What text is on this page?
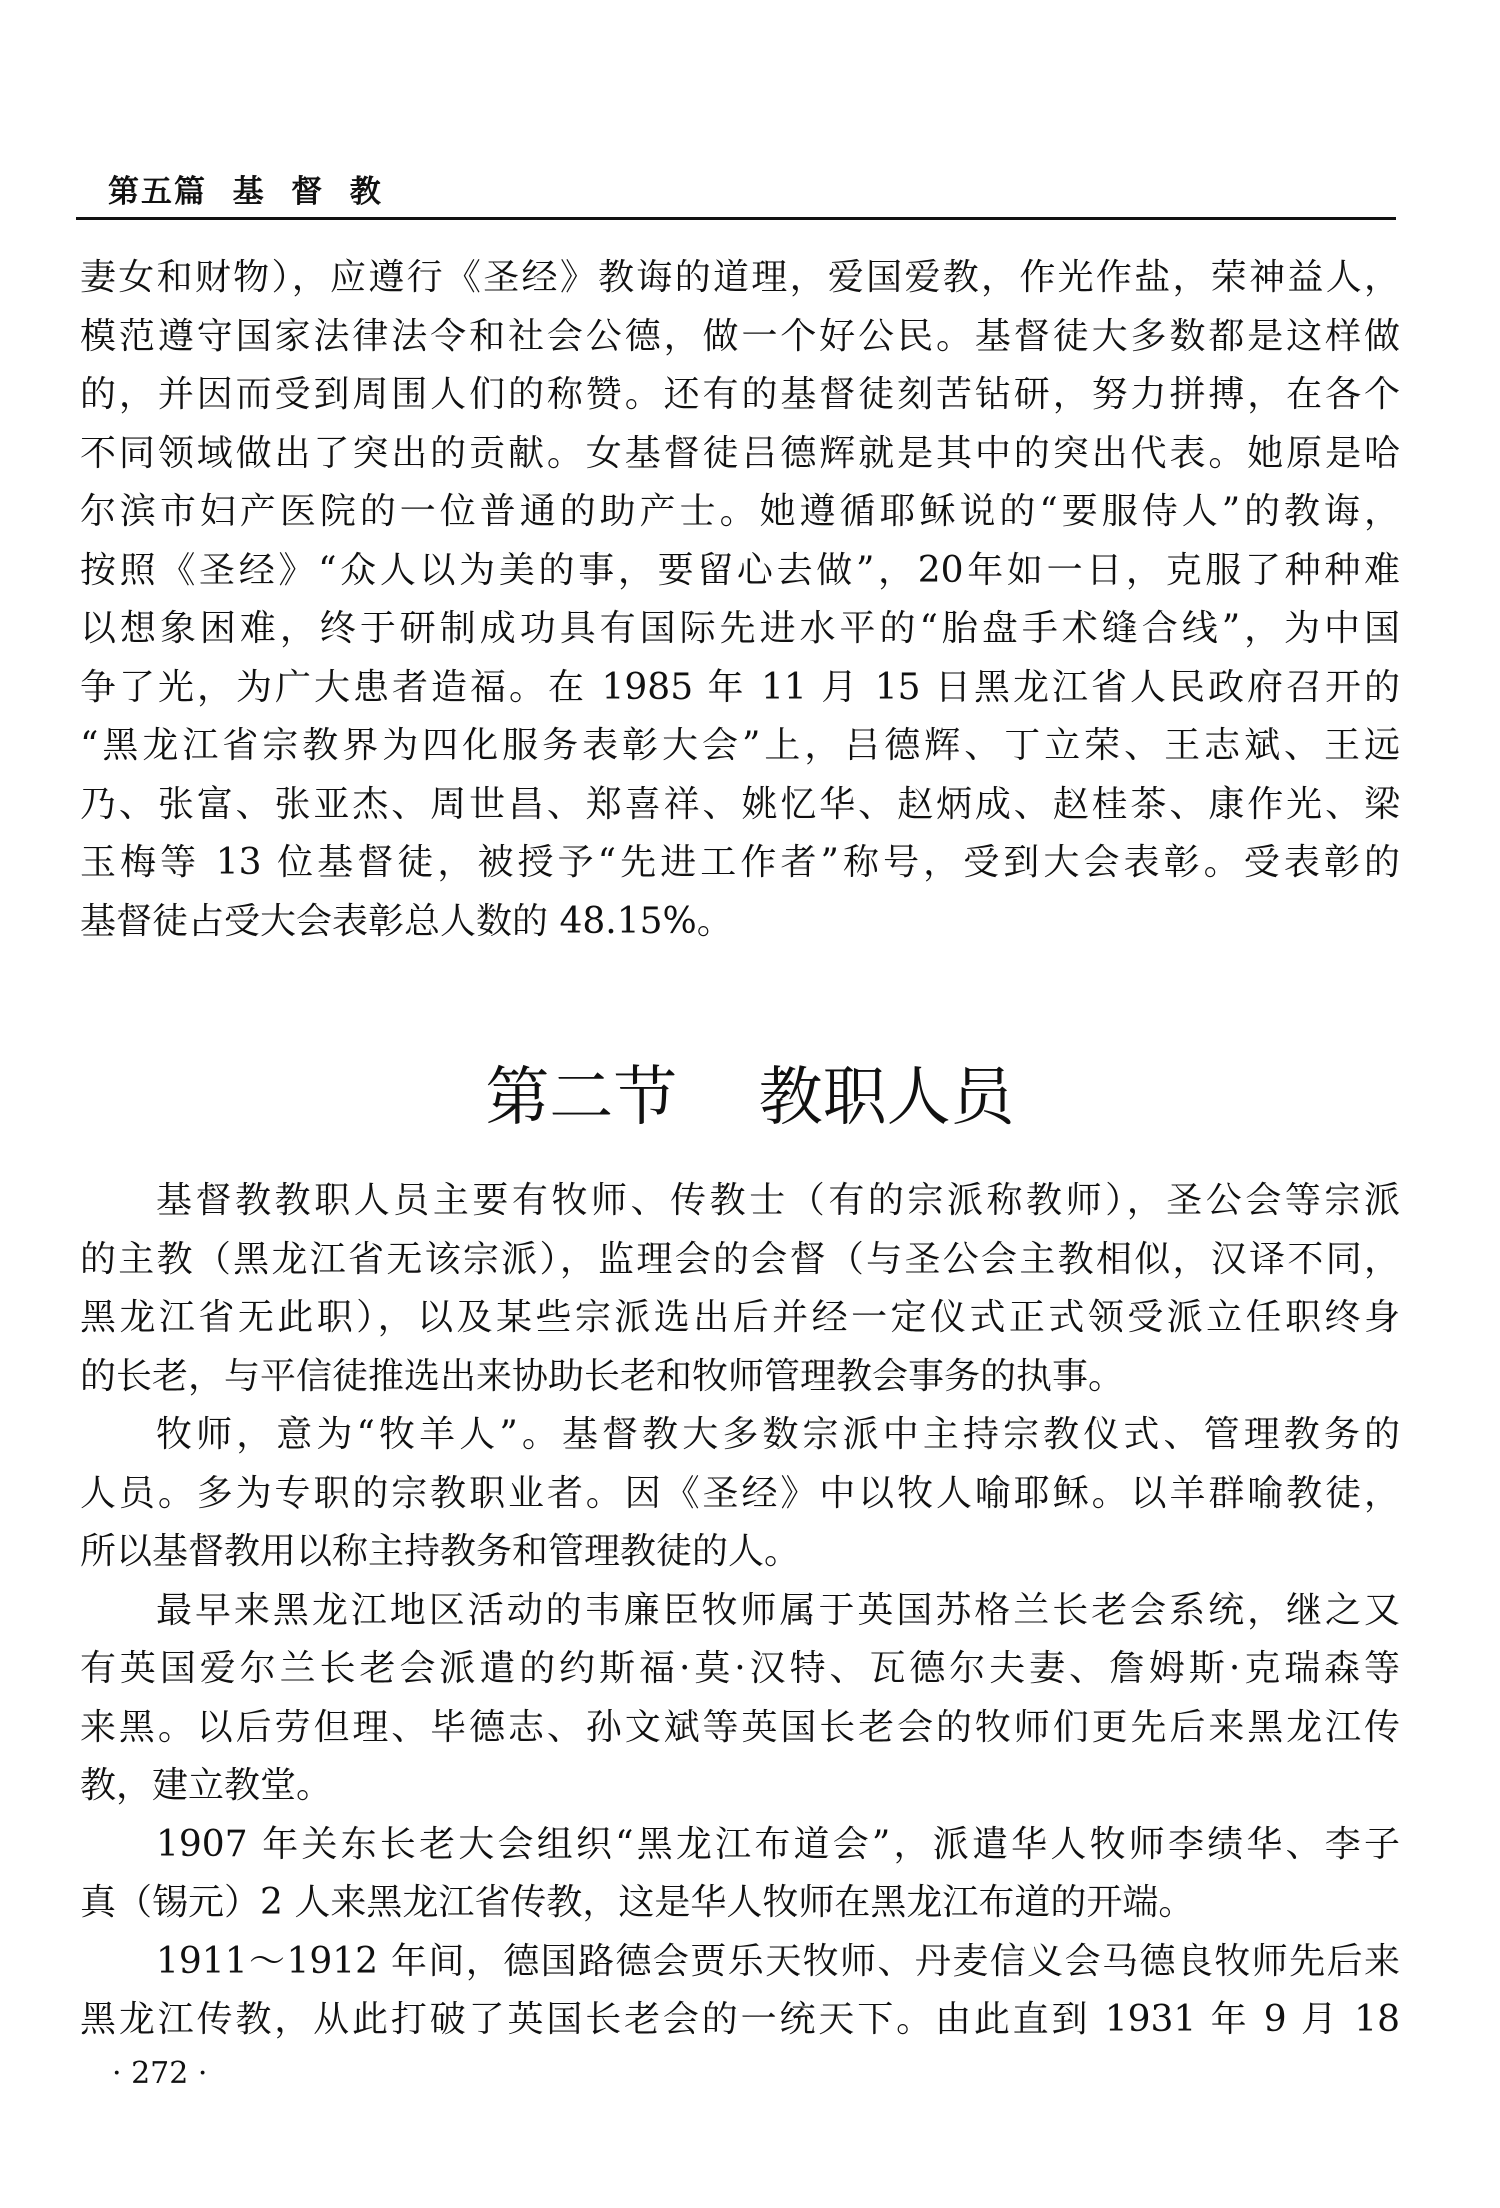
第五篇  基  督  教
妻女和财物），应遵行《圣经》教诲的道理，爱国爱教，作光作盐，荣神益人，
模范遵守国家法律法令和社会公德，做一个好公民。基督徒大多数都是这样做
的，并因而受到周围人们的称赞。还有的基督徒刻苦钻研，努力拼搏，在各个
不同领域做出了突出的贡献。女基督徒吕德辉就是其中的突出代表。她原是哈
尔滨市妇产医院的一位普通的助产士。她遵循耶稣说的“要服侍人”的教诲，
按照《圣经》“众人以为美的事，要留心去做”，20年如一日，克服了种种难
以想象困难，终于研制成功具有国际先进水平的“胎盘手术缝合线”，为中国
争了光，为广大患者造福。在 1985 年 11 月 15 日黑龙江省人民政府召开的
“黑龙江省宗教界为四化服务表彰大会”上，吕德辉、丁立荣、王志斌、王远
乃、张富、张亚杰、周世昌、郑喜祥、姚忆华、赵炳成、赵桂茶、康作光、梁
玉梅等 13 位基督徒，被授予“先进工作者”称号，受到大会表彰。受表彰的
基督徒占受大会表彰总人数的 48.15%。
第二节    教职人员
基督教教职人员主要有牧师、传教士（有的宗派称教师），圣公会等宗派
的主教（黑龙江省无该宗派），监理会的会督（与圣公会主教相似，汉译不同，
黑龙江省无此职），以及某些宗派选出后并经一定仪式正式领受派立任职终身
的长老，与平信徒推选出来协助长老和牧师管理教会事务的执事。
牧师，意为“牧羊人”。基督教大多数宗派中主持宗教仪式、管理教务的
人员。多为专职的宗教职业者。因《圣经》中以牧人喻耶稣。以羊群喻教徒，
所以基督教用以称主持教务和管理教徒的人。
最早来黑龙江地区活动的韦廉臣牧师属于英国苏格兰长老会系统，继之又
有英国爱尔兰长老会派遣的约斯福·莫·汉特、瓦德尔夫妻、詹姆斯·克瑞森等
来黑。以后劳但理、毕德志、孙文斌等英国长老会的牧师们更先后来黑龙江传
教，建立教堂。
1907 年关东长老大会组织“黑龙江布道会”，派遣华人牧师李绩华、李子
真（锡元）2 人来黑龙江省传教，这是华人牧师在黑龙江布道的开端。
1911～1912 年间，德国路德会贾乐天牧师、丹麦信义会马德良牧师先后来
黑龙江传教，从此打破了英国长老会的一统天下。由此直到 1931 年 9 月 18
· 272 ·
